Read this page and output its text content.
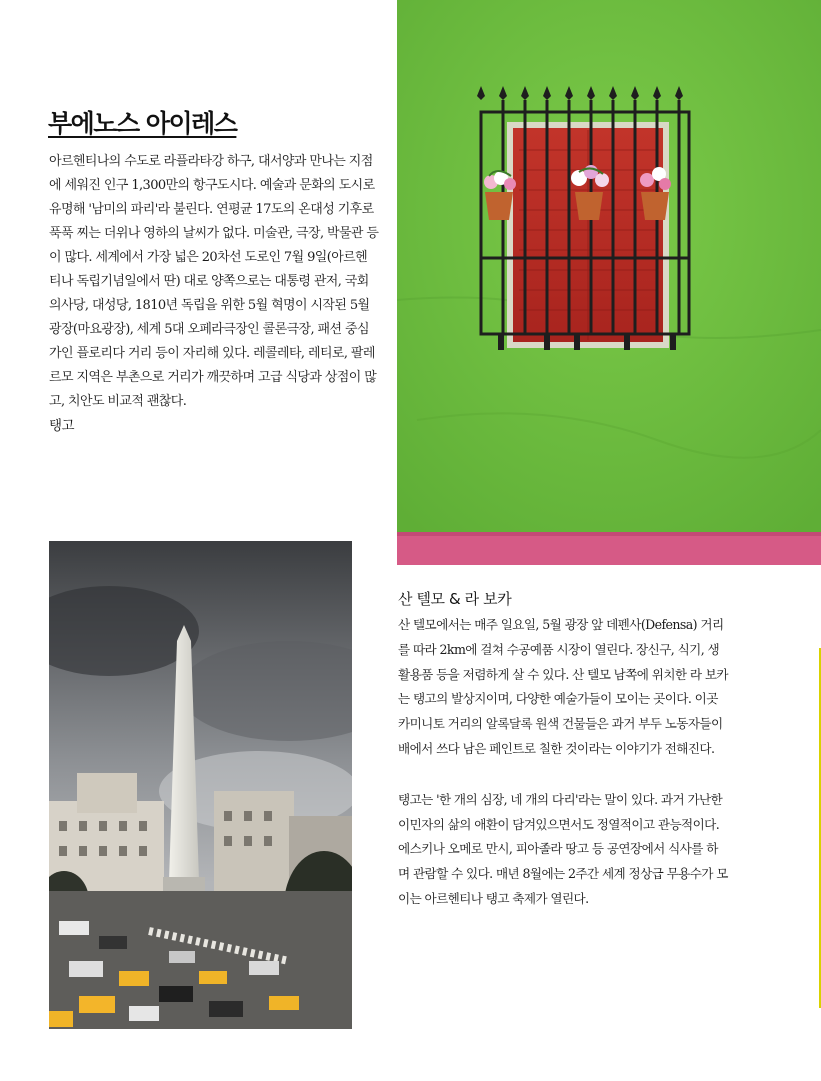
부에노스 아이레스

아르헨티나의 수도로 라플라타강 하구, 대서양과 만나는 지점에 세워진 인구 1,300만의 항구도시다. 예술과 문화의 도시로 유명해 '남미의 파리'라 불린다. 연평균 17도의 온대성 기후로 푹푹 찌는 더위나 영하의 날씨가 없다. 미술관, 극장, 박물관 등이 많다. 세계에서 가장 넓은 20차선 도로인 7월 9일(아르헨티나 독립기념일에서 딴) 대로 양쪽으로는 대통령 관저, 국회의사당, 대성당, 1810년 독립을 위한 5월 혁명이 시작된 5월 광장(마요광장), 세계 5대 오페라극장인 콜론극장, 패션 중심가인 플로리다 거리 등이 자리해 있다. 레콜레타, 레티로, 팔레르모 지역은 부촌으로 거리가 깨끗하며 고급 식당과 상점이 많고, 치안도 비교적 괜찮다.

탱고

산 텔모 & 라 보카

산 텔모에서는 매주 일요일, 5월 광장 앞 데펜사(Defensa) 거리를 따라 2km에 걸쳐 수공예품 시장이 열린다. 장신구, 식기, 생활용품 등을 저렴하게 살 수 있다. 산 텔모 남쪽에 위치한 라 보카는 탱고의 발상지이며, 다양한 예술가들이 모이는 곳이다. 이곳 카미니토 거리의 알록달록 원색 건물들은 과거 부두 노동자들이 배에서 쓰다 남은 페인트로 칠한 것이라는 이야기가 전해진다.

탱고는 '한 개의 심장, 네 개의 다리'라는 말이 있다. 과거 가난한 이민자의 삶의 애환이 담겨있으면서도 정열적이고 관능적이다. 에스키나 오메로 만시, 피아졸라 땅고 등 공연장에서 식사를 하며 관람할 수 있다. 매년 8월에는 2주간 세계 정상급 무용수가 모이는 아르헨티나 탱고 축제가 열린다.
